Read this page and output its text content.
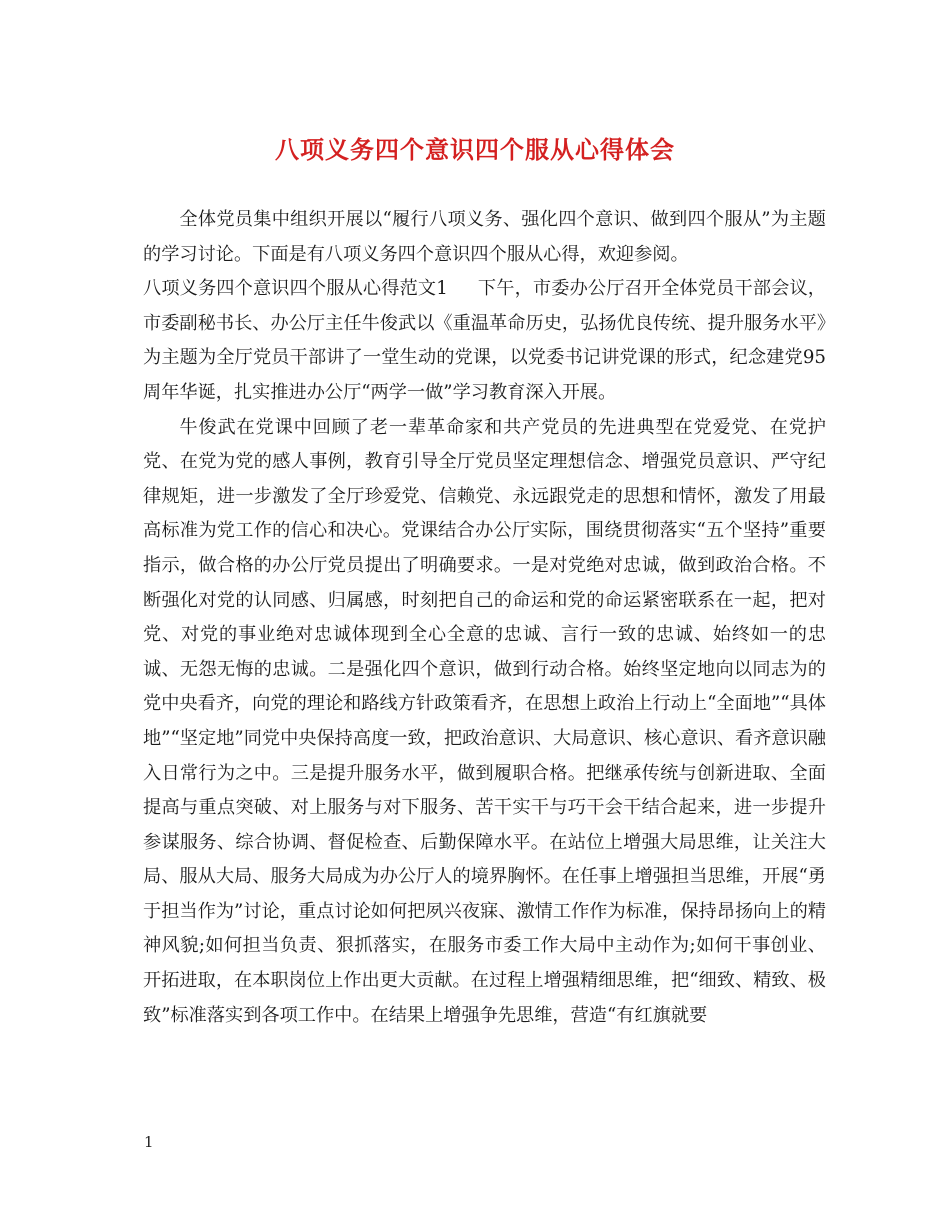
八项义务四个意识四个服从心得体会

全体党员集中组织开展以“履行八项义务、强化四个意识、做到四个服从”为主题的学习讨论。下面是有八项义务四个意识四个服从心得，欢迎参阅。

八项义务四个意识四个服从心得范文1 下午，市委办公厅召开全体党员干部会议，市委副秘书长、办公厅主任牛俊武以《重温革命历史，弘扬优良传统、提升服务水平》为主题为全厅党员干部讲了一堂生动的党课，以党委书记讲党课的形式，纪念建党95周年华诞，扎实推进办公厅“两学一做”学习教育深入开展。

牛俊武在党课中回顾了老一辈革命家和共产党员的先进典型在党爱党、在党护党、在党为党的感人事例，教育引导全厅党员坚定理想信念、增强党员意识、严守纪律规矩，进一步激发了全厅珍爱党、信赖党、永远跟党走的思想和情怀，激发了用最高标准为党工作的信心和决心。党课结合办公厅实际，围绕贯彻落实“五个坚持”重要指示，做合格的办公厅党员提出了明确要求。一是对党绝对忠诚，做到政治合格。不断强化对党的认同感、归属感，时刻把自己的命运和党的命运紧密联系在一起，把对党、对党的事业绝对忠诚体现到全心全意的忠诚、言行一致的忠诚、始终如一的忠诚、无怨无悔的忠诚。二是强化四个意识，做到行动合格。始终坚定地向以同志为的党中央看齐，向党的理论和路线方针政策看齐，在思想上政治上行动上“全面地”“具体地”“坚定地”同党中央保持高度一致，把政治意识、大局意识、核心意识、看齐意识融入日常行为之中。三是提升服务水平，做到履职合格。把继承传统与创新进取、全面提高与重点突破、对上服务与对下服务、苦干实干与巧干会干结合起来，进一步提升参谋服务、综合协调、督促检查、后勤保障水平。在站位上增强大局思维，让关注大局、服从大局、服务大局成为办公厅人的境界胸怀。在任事上增强担当思维，开展“勇于担当作为”讨论，重点讨论如何把夙兴夜寐、激情工作作为标准，保持昂扬向上的精神风貌;如何担当负责、狠抓落实，在服务市委工作大局中主动作为;如何干事创业、开拓进取，在本职岗位上作出更大贡献。在过程上增强精细思维，把“细致、精致、极致”标准落实到各项工作中。在结果上增强争先思维，营造“有红旗就要

1
